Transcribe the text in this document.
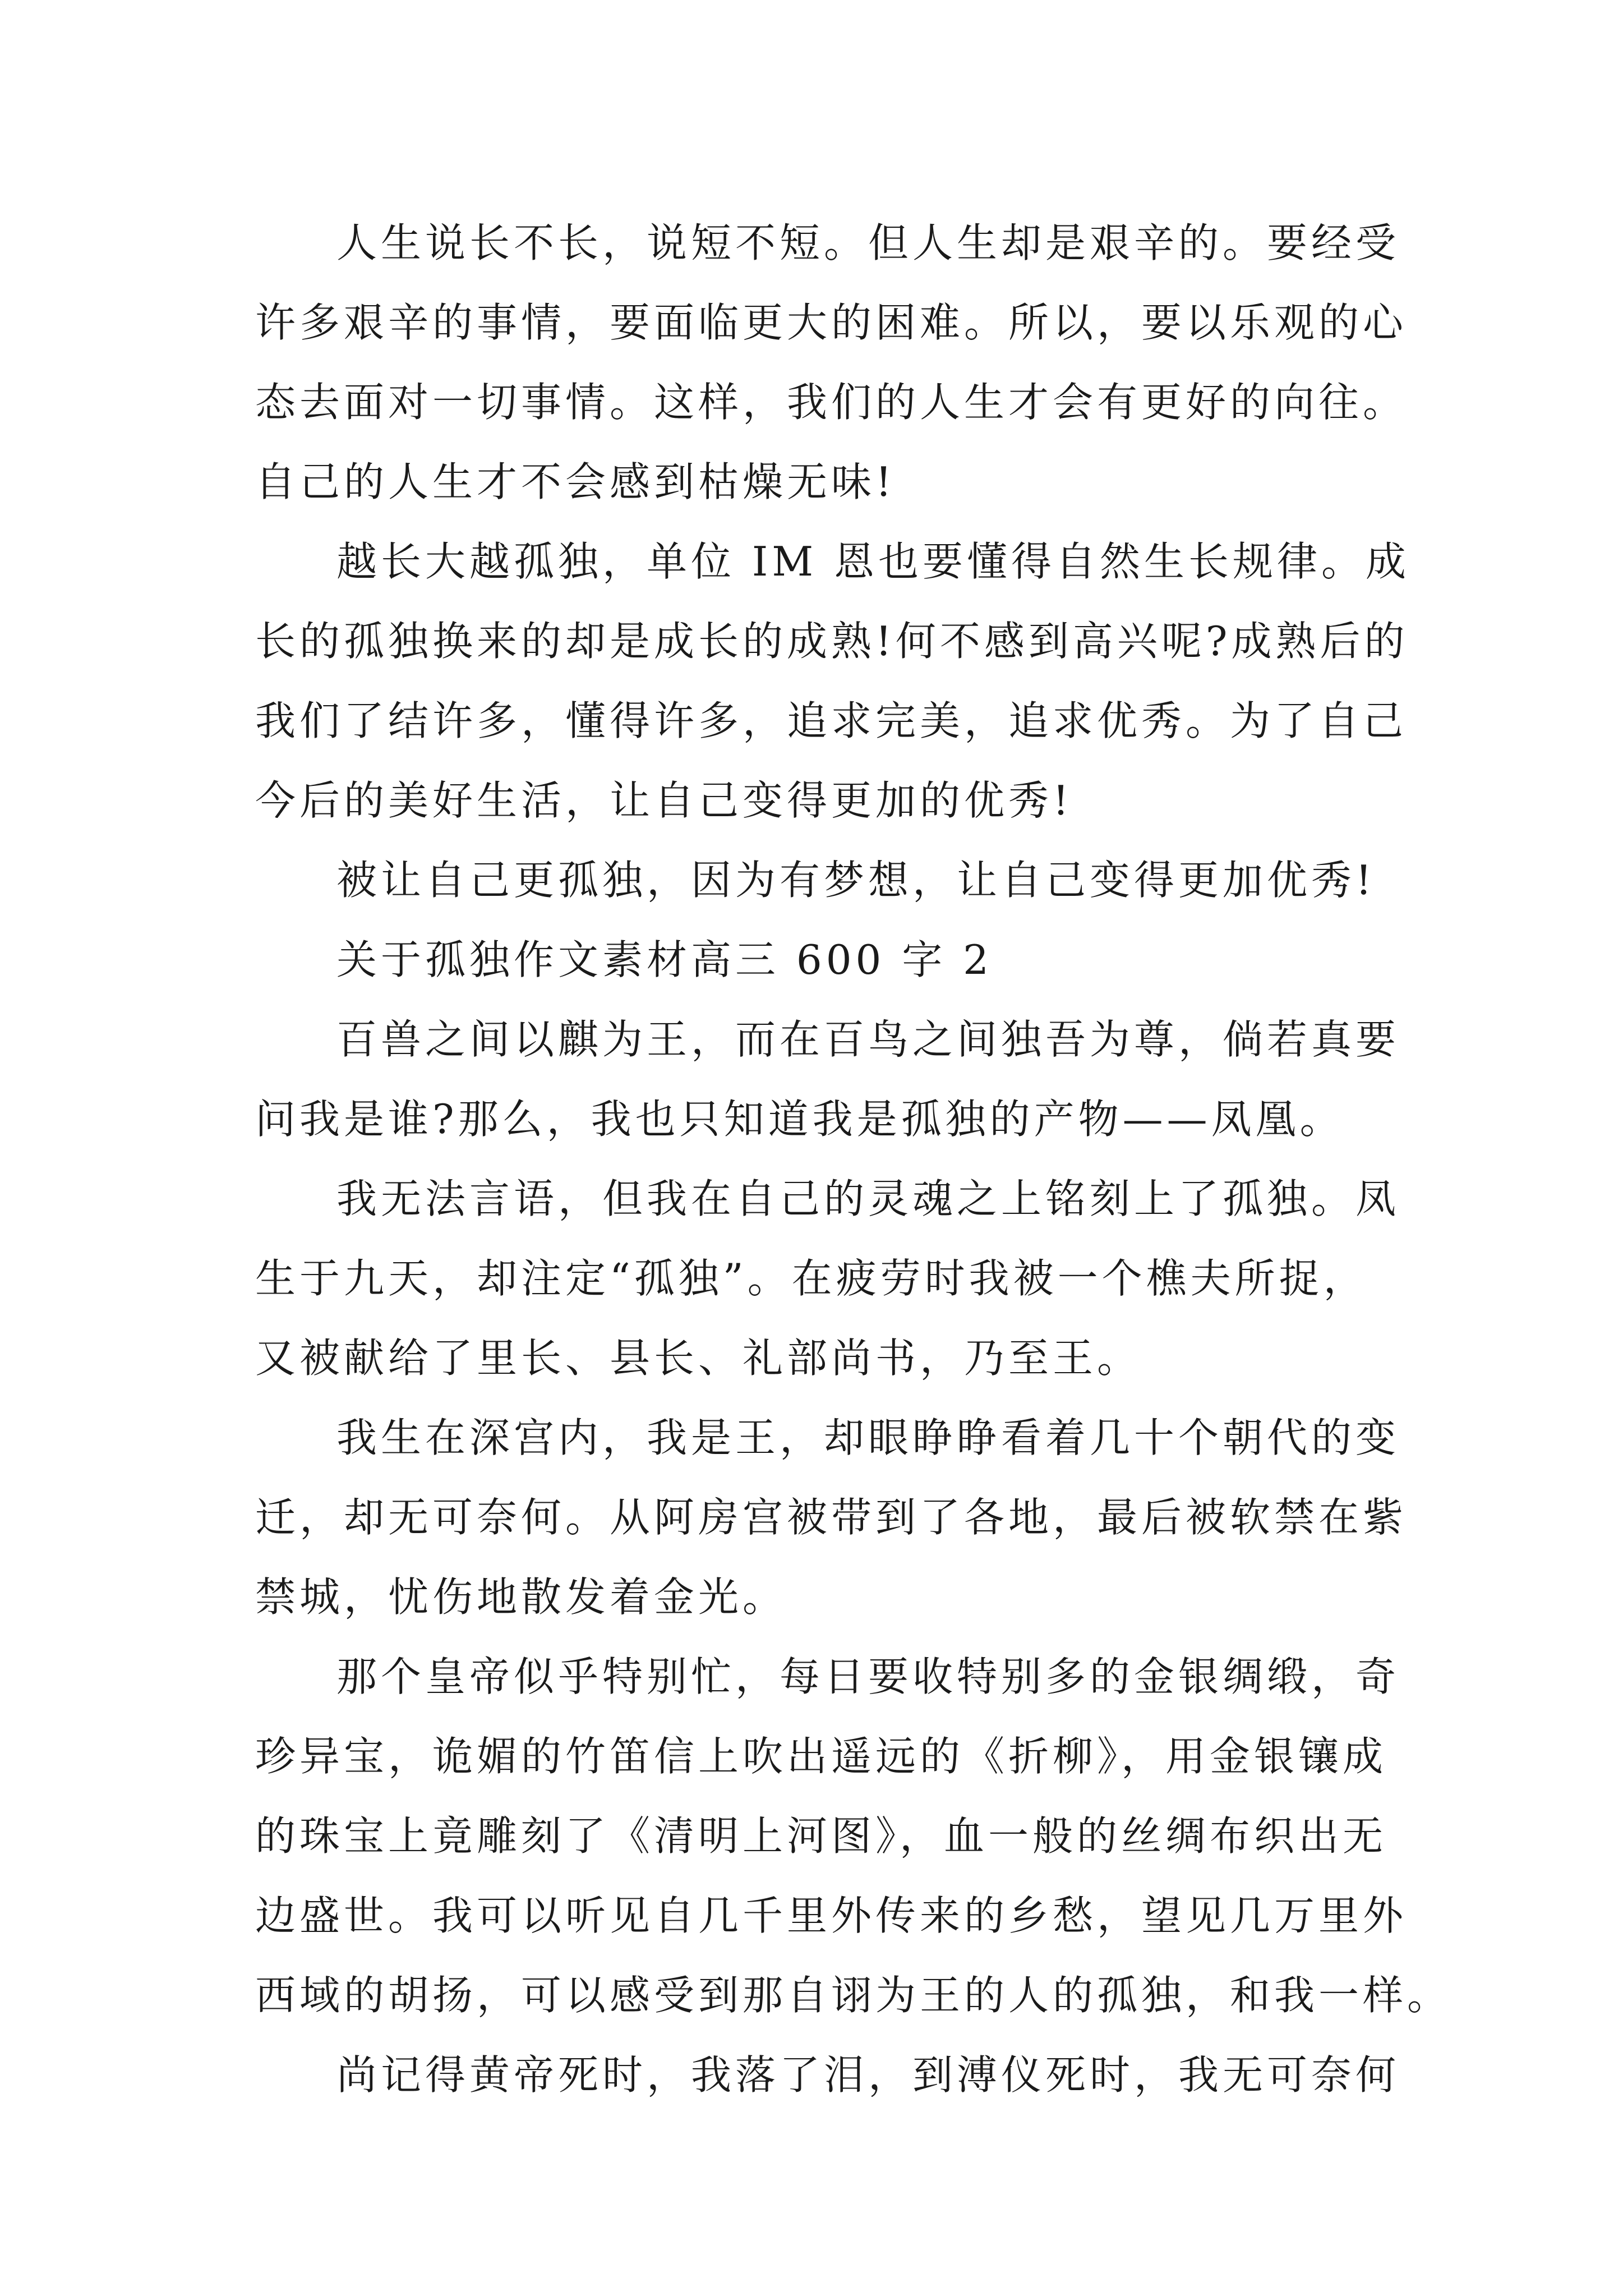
人生说长不长，说短不短。但人生却是艰辛的。要经受
许多艰辛的事情，要面临更大的困难。所以，要以乐观的心
态去面对一切事情。这样，我们的人生才会有更好的向往。
自己的人生才不会感到枯燥无味!
越长大越孤独，单位 IM 恩也要懂得自然生长规律。成
长的孤独换来的却是成长的成熟!何不感到高兴呢?成熟后的
我们了结许多，懂得许多，追求完美，追求优秀。为了自己
今后的美好生活，让自己变得更加的优秀!
被让自己更孤独，因为有梦想，让自己变得更加优秀!
关于孤独作文素材高三 600 字 2
百兽之间以麒为王，而在百鸟之间独吾为尊，倘若真要
问我是谁?那么，我也只知道我是孤独的产物——凤凰。
我无法言语，但我在自己的灵魂之上铭刻上了孤独。凤
生于九天，却注定“孤独”。在疲劳时我被一个樵夫所捉，
又被献给了里长、县长、礼部尚书，乃至王。
我生在深宫内，我是王，却眼睁睁看着几十个朝代的变
迁，却无可奈何。从阿房宫被带到了各地，最后被软禁在紫
禁城，忧伤地散发着金光。
那个皇帝似乎特别忙，每日要收特别多的金银绸缎，奇
珍异宝，诡媚的竹笛信上吹出遥远的《折柳》，用金银镶成
的珠宝上竟雕刻了《清明上河图》，血一般的丝绸布织出无
边盛世。我可以听见自几千里外传来的乡愁，望见几万里外
西域的胡扬，可以感受到那自诩为王的人的孤独，和我一样。
尚记得黄帝死时，我落了泪，到溥仪死时，我无可奈何
